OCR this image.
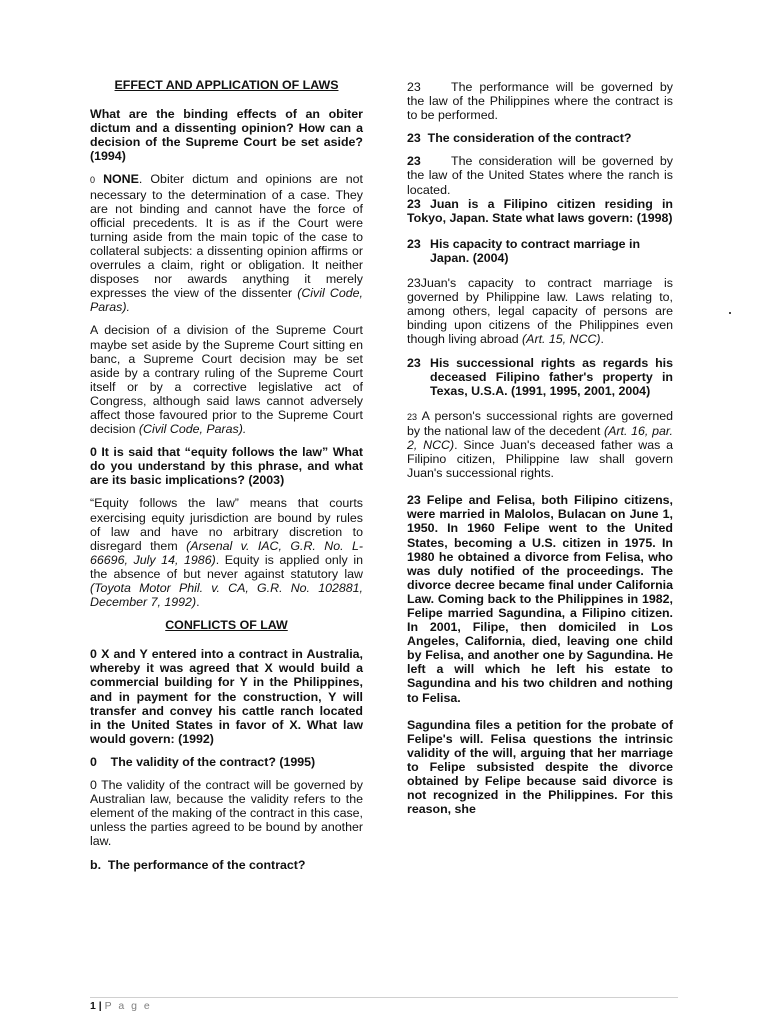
EFFECT AND APPLICATION OF LAWS

What are the binding effects of an obiter dictum and a dissenting opinion? How can a decision of the Supreme Court be set aside? (1994)

0 NONE. Obiter dictum and opinions are not necessary to the determination of a case. They are not binding and cannot have the force of official precedents. It is as if the Court were turning aside from the main topic of the case to collateral subjects: a dissenting opinion affirms or overrules a claim, right or obligation. It neither disposes nor awards anything it merely expresses the view of the dissenter (Civil Code, Paras).

A decision of a division of the Supreme Court maybe set aside by the Supreme Court sitting en banc, a Supreme Court decision may be set aside by a contrary ruling of the Supreme Court itself or by a corrective legislative act of Congress, although said laws cannot adversely affect those favoured prior to the Supreme Court decision (Civil Code, Paras).

0 It is said that “equity follows the law” What do you understand by this phrase, and what are its basic implications? (2003)

“Equity follows the law” means that courts exercising equity jurisdiction are bound by rules of law and have no arbitrary discretion to disregard them (Arsenal v. IAC, G.R. No. L-66696, July 14, 1986). Equity is applied only in the absence of but never against statutory law (Toyota Motor Phil. v. CA, G.R. No. 102881, December 7, 1992).

CONFLICTS OF LAW

0 X and Y entered into a contract in Australia, whereby it was agreed that X would build a commercial building for Y in the Philippines, and in payment for the construction, Y will transfer and convey his cattle ranch located in the United States in favor of X. What law would govern: (1992)

0    The validity of the contract? (1995)

0 The validity of the contract will be governed by Australian law, because the validity refers to the element of the making of the contract in this case, unless the parties agreed to be bound by another law.

b.  The performance of the contract?

23 The performance will be governed by the law of the Philippines where the contract is to be performed.

23  The consideration of the contract?

23 The consideration will be governed by the law of the United States where the ranch is located.

23 Juan is a Filipino citizen residing in Tokyo, Japan. State what laws govern: (1998)

23 His capacity to contract marriage in Japan. (2004)

23Juan's capacity to contract marriage is governed by Philippine law. Laws relating to, among others, legal capacity of persons are binding upon citizens of the Philippines even though living abroad (Art. 15, NCC).

23 His successional rights as regards his deceased Filipino father's property in Texas, U.S.A. (1991, 1995, 2001, 2004)

23 A person's successional rights are governed by the national law of the decedent (Art. 16, par. 2, NCC). Since Juan's deceased father was a Filipino citizen, Philippine law shall govern Juan's successional rights.

23 Felipe and Felisa, both Filipino citizens, were married in Malolos, Bulacan on June 1, 1950. In 1960 Felipe went to the United States, becoming a U.S. citizen in 1975. In 1980 he obtained a divorce from Felisa, who was duly notified of the proceedings. The divorce decree became final under California Law. Coming back to the Philippines in 1982, Felipe married Sagundina, a Filipino citizen. In 2001, Filipe, then domiciled in Los Angeles, California, died, leaving one child by Felisa, and another one by Sagundina. He left a will which he left his estate to Sagundina and his two children and nothing to Felisa.

Sagundina files a petition for the probate of Felipe's will. Felisa questions the intrinsic validity of the will, arguing that her marriage to Felipe subsisted despite the divorce obtained by Felipe because said divorce is not recognized in the Philippines. For this reason, she

1 | P a g e
